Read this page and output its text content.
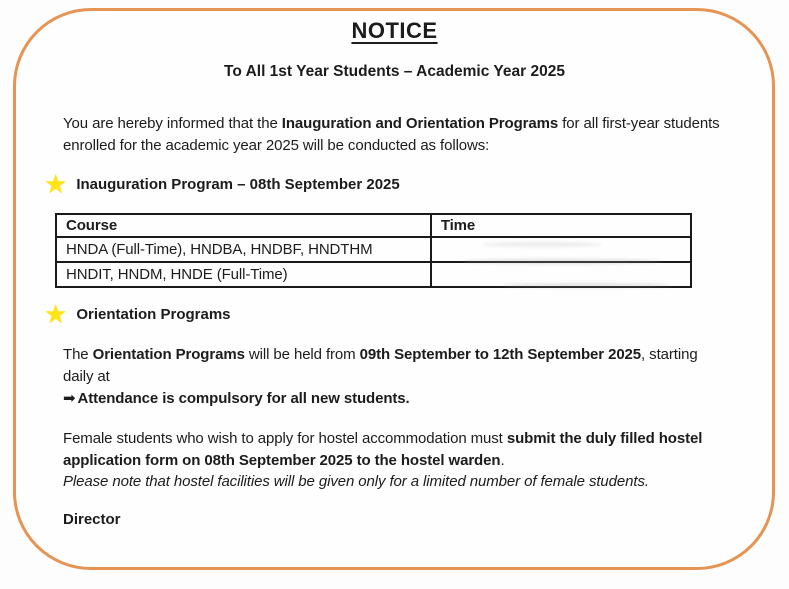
NOTICE
To All 1st Year Students – Academic Year 2025

You are hereby informed that the Inauguration and Orientation Programs for all first-year students enrolled for the academic year 2025 will be conducted as follows:

★ Inauguration Program – 08th September 2025
Course	Time
HNDA (Full-Time), HNDBA, HNDBF, HNDTHM	

HNDIT, HNDM, HNDE (Full-Time)	
★ Orientation Programs
The Orientation Programs will be held from 09th September to 12th September 2025, starting
daily at
➡ Attendance is compulsory for all new students.
Female students who wish to apply for hostel accommodation must submit the duly filled hostel application form on 08th September 2025 to the hostel warden.
Please note that hostel facilities will be given only for a limited number of female students.
Director
